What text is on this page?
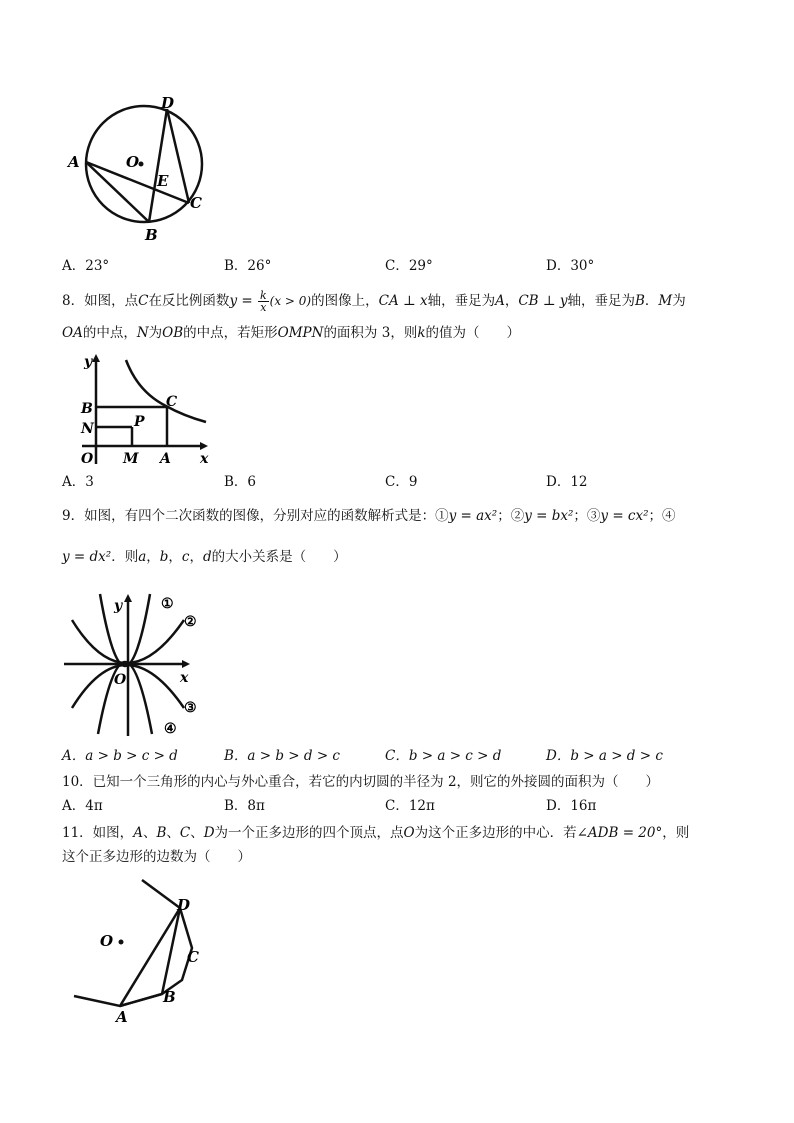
D
A	O
E
C
B
A．23°	B．26°	C．29°	D．30°
8．如图，点C在反比例函数$y = \frac{k}{x} (x > 0)$的图像上，CA ⊥ x轴，垂足为A，CB ⊥ y轴，垂足为B．M为
OA的中点，N为OB的中点，若矩形OMPN的面积为 3，则k的值为（　　）
y
B	C
N	P
O M A x
A．3	B．6	C．9	D．12
9．如图，有四个二次函数的图像，分别对应的函数解析式是：①y = ax²；②y = bx²；③y = cx²；④
y = dx²．则a，b，c，d的大小关系是（　　）
y
x
O
①
②
③
④
A．a > b > c > d	B．a > b > d > c	C．b > a > c > d	D．b > a > d > c
10．已知一个三角形的内心与外心重合，若它的内切圆的半径为 2，则它的外接圆的面积为（　　）
A．4π	B．8π	C．12π	D．16π
11．如图，A、B、C、D为一个正多边形的四个顶点，点O为这个正多边形的中心．若∠ADB = 20°，则
这个正多边形的边数为（　　）
O
D
C
B
A
